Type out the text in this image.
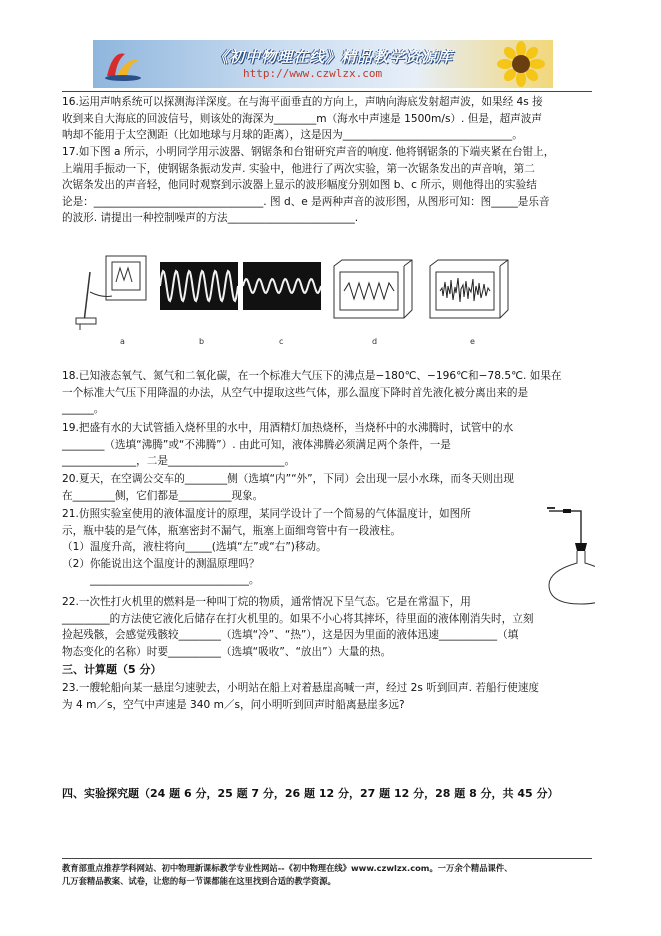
《初中物理在线》精品教学资源库
http://www.czwlzx.com
16.运用声呐系统可以探测海洋深度。在与海平面垂直的方向上，声呐向海底发射超声波，如果经 4s 接
收到来自大海底的回波信号，则该处的海深为________m（海水中声速是 1500m/s）. 但是，超声波声
呐却不能用于太空测距（比如地球与月球的距离），这是因为________________________________。
17.如下图 a 所示，小明同学用示波器、钢锯条和台钳研究声音的响度. 他将钢锯条的下端夹紧在台钳上，
上端用手振动一下，使钢锯条振动发声. 实验中，他进行了两次实验，第一次锯条发出的声音响，第二
次锯条发出的声音轻，他同时观察到示波器上显示的波形幅度分别如图 b、c 所示，则他得出的实验结
论是：________________________________. 图 d、e 是两种声音的波形图，从图形可知：图_____是乐音
的波形. 请提出一种控制噪声的方法________________________.
a	b	c	d	e
18.已知液态氧气、氮气和二氧化碳，在一个标准大气压下的沸点是−180℃、−196℃和−78.5℃. 如果在
一个标准大气压下用降温的办法，从空气中提取这些气体，那么温度下降时首先液化被分离出来的是
______。
19.把盛有水的大试管插入烧杯里的水中，用酒精灯加热烧杯，当烧杯中的水沸腾时，试管中的水
________（选填“沸腾”或“不沸腾”）. 由此可知，液体沸腾必须满足两个条件，一是
______________，二是______________________。
20.夏天，在空调公交车的________侧（选填“内”“外”，下同）会出现一层小水珠，而冬天则出现
在________侧，它们都是__________现象。
21.仿照实验室使用的液体温度计的原理，某同学设计了一个简易的气体温度计，如图所
示，瓶中装的是气体，瓶塞密封不漏气，瓶塞上面细弯管中有一段液柱。
（1）温度升高，液柱将向_____(选填“左”或“右”)移动。
（2）你能说出这个温度计的测温原理吗？
______________________________。
22.一次性打火机里的燃料是一种叫丁烷的物质，通常情况下呈气态。它是在常温下，用
_________的方法使它液化后储存在打火机里的。如果不小心将其摔坏，待里面的液体刚消失时，立刻
捡起残骸，会感觉残骸较________（选填“冷”、“热”），这是因为里面的液体迅速___________（填
物态变化的名称）时要__________（选填“吸收”、“放出”）大量的热。
三、计算题（5 分）
23.一艘轮船向某一悬崖匀速驶去，小明站在船上对着悬崖高喊一声，经过 2s 听到回声. 若船行使速度
为 4 m／s，空气中声速是 340 m／s，问小明听到回声时船离悬崖多远?
四、实验探究题（24 题 6 分，25 题 7 分，26 题 12 分，27 题 12 分，28 题 8 分，共 45 分）
教育部重点推荐学科网站、初中物理新课标教学专业性网站--《初中物理在线》www.czwlzx.com。一万余个精品课件、
几万套精品教案、试卷，让您的每一节课都能在这里找到合适的教学资源。
